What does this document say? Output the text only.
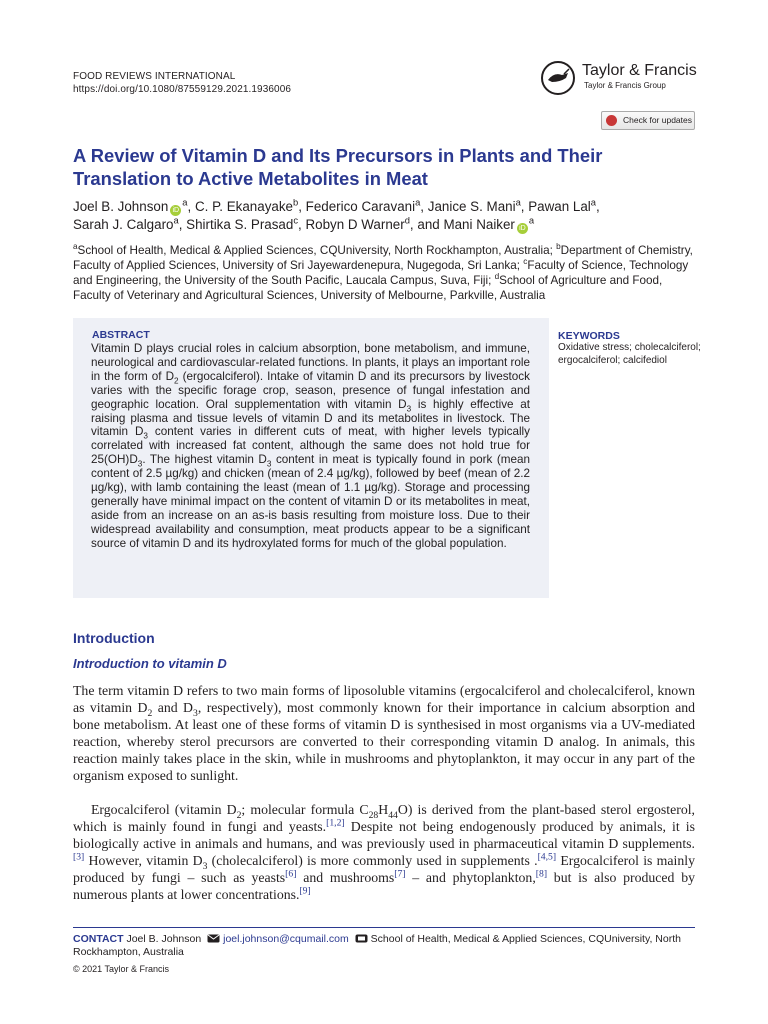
FOOD REVIEWS INTERNATIONAL
https://doi.org/10.1080/87559129.2021.1936006
Taylor & Francis
Taylor & Francis Group
Check for updates
A Review of Vitamin D and Its Precursors in Plants and Their Translation to Active Metabolites in Meat
Joel B. Johnson $iD^a$, C. P. Ekanayake$^b$, Federico Caravani$^a$, Janice S. Mani$^a$, Pawan Lal$^a$,
Sarah J. Calgaro$^a$, Shirtika S. Prasad$^c$, Robyn D Warner$^d$, and Mani Naiker $iD^a$
$^a$School of Health, Medical & Applied Sciences, CQUniversity, North Rockhampton, Australia; $^b$Department of Chemistry, Faculty of Applied Sciences, University of Sri Jayewardenepura, Nugegoda, Sri Lanka; $^c$Faculty of Science, Technology and Engineering, the University of the South Pacific, Laucala Campus, Suva, Fiji; $^d$School of Agriculture and Food, Faculty of Veterinary and Agricultural Sciences, University of Melbourne, Parkville, Australia
ABSTRACT
Vitamin D plays crucial roles in calcium absorption, bone metabolism, and immune, neurological and cardiovascular-related functions. In plants, it plays an important role in the form of $D_2$ (ergocalciferol). Intake of vitamin D and its precursors by livestock varies with the specific forage crop, season, presence of fungal infestation and geographic location. Oral supplementation with vitamin $D_3$ is highly effective at raising plasma and tissue levels of vitamin D and its metabolites in livestock. The vitamin $D_3$ content varies in different cuts of meat, with higher levels typically correlated with increased fat content, although the same does not hold true for $25(OH)D_3$. The highest vitamin $D_3$ content in meat is typically found in pork (mean content of 2.5 µg/kg) and chicken (mean of 2.4 µg/kg), followed by beef (mean of 2.2 µg/kg), with lamb containing the least (mean of 1.1 µg/kg). Storage and processing generally have minimal impact on the content of vitamin D or its metabolites in meat, aside from an increase on an as-is basis resulting from moisture loss. Due to their widespread availability and consumption, meat products appear to be a significant source of vitamin D and its hydroxylated forms for much of the global population.
KEYWORDS
Oxidative stress; cholecalciferol; ergocalciferol; calcifediol
Introduction
Introduction to vitamin D
The term vitamin D refers to two main forms of liposoluble vitamins (ergocalciferol and cholecalciferol, known as vitamin $D_2$ and $D_3$, respectively), most commonly known for their importance in calcium absorption and bone metabolism. At least one of these forms of vitamin D is synthesised in most organisms via a UV-mediated reaction, whereby sterol precursors are converted to their corresponding vitamin D analog. In animals, this reaction mainly takes place in the skin, while in mushrooms and phytoplankton, it may occur in any part of the organism exposed to sunlight.
Ergocalciferol (vitamin $D_2$; molecular formula $C_{28}H_{44}O$) is derived from the plant-based sterol ergosterol, which is mainly found in fungi and yeasts.[1,2] Despite not being endogenously produced by animals, it is biologically active in animals and humans, and was previously used in pharmaceutical vitamin D supplements.[3] However, vitamin $D_3$ (cholecalciferol) is more commonly used in supplements .[4,5] Ergocalciferol is mainly produced by fungi – such as yeasts[6] and mushrooms[7] – and phytoplankton,[8] but is also produced by numerous plants at lower concentrations.[9]
CONTACT Joel B. Johnson joel.johnson@cqumail.com School of Health, Medical & Applied Sciences, CQUniversity, North Rockhampton, Australia
© 2021 Taylor & Francis
